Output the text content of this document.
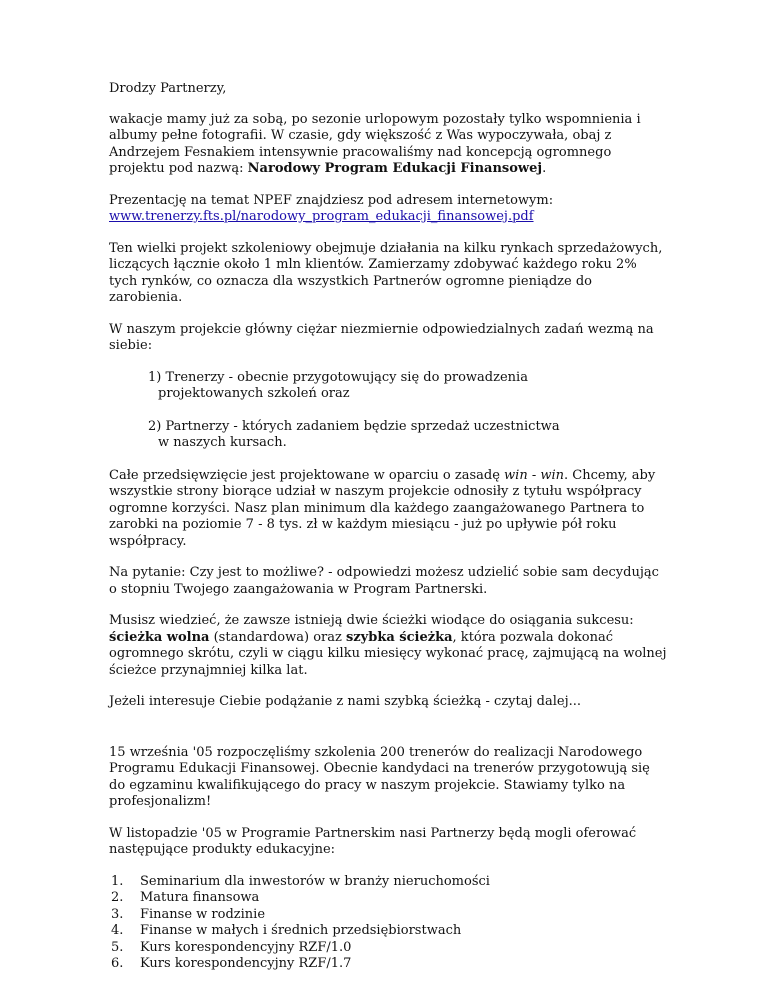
Drodzy Partnerzy,

wakacje mamy już za sobą, po sezonie urlopowym pozostały tylko wspomnienia i albumy pełne fotografii. W czasie, gdy większość z Was wypoczywała, obaj z Andrzejem Fesnakiem intensywnie pracowaliśmy nad koncepcją ogromnego projektu pod nazwą: Narodowy Program Edukacji Finansowej.

Prezentację na temat NPEF znajdziesz pod adresem internetowym:
www.trenerzy.fts.pl/narodowy_program_edukacji_finansowej.pdf

Ten wielki projekt szkoleniowy obejmuje działania na kilku rynkach sprzedażowych, liczących łącznie około 1 mln klientów. Zamierzamy zdobywać każdego roku 2% tych rynków, co oznacza dla wszystkich Partnerów ogromne pieniądze do zarobienia.

W naszym projekcie główny ciężar niezmiernie odpowiedzialnych zadań wezmą na siebie:

1) Trenerzy - obecnie przygotowujący się do prowadzenia
projektowanych szkoleń oraz
2) Partnerzy - których zadaniem będzie sprzedaż uczestnictwa
w naszych kursach.

Całe przedsięwzięcie jest projektowane w oparciu o zasadę win - win. Chcemy, aby wszystkie strony biorące udział w naszym projekcie odnosiły z tytułu współpracy ogromne korzyści. Nasz plan minimum dla każdego zaangażowanego Partnera to zarobki na poziomie 7 - 8 tys. zł w każdym miesiącu - już po upływie pół roku współpracy.

Na pytanie: Czy jest to możliwe? - odpowiedzi możesz udzielić sobie sam decydując o stopniu Twojego zaangażowania w Program Partnerski.

Musisz wiedzieć, że zawsze istnieją dwie ścieżki wiodące do osiągania sukcesu: ścieżka wolna (standardowa) oraz szybka ścieżka, która pozwala dokonać ogromnego skrótu, czyli w ciągu kilku miesięcy wykonać pracę, zajmującą na wolnej ścieżce przynajmniej kilka lat.

Jeżeli interesuje Ciebie podążanie z nami szybką ścieżką - czytaj dalej...

15 września '05 rozpoczęliśmy szkolenia 200 trenerów do realizacji Narodowego Programu Edukacji Finansowej. Obecnie kandydaci na trenerów przygotowują się do egzaminu kwalifikującego do pracy w naszym projekcie. Stawiamy tylko na profesjonalizm!

W listopadzie '05 w Programie Partnerskim nasi Partnerzy będą mogli oferować następujące produkty edukacyjne:

1.	Seminarium dla inwestorów w branży nieruchomości
2.	Matura finansowa
3.	Finanse w rodzinie
4.	Finanse w małych i średnich przedsiębiorstwach
5.	Kurs korespondencyjny RZF/1.0
6.	Kurs korespondencyjny RZF/1.7
